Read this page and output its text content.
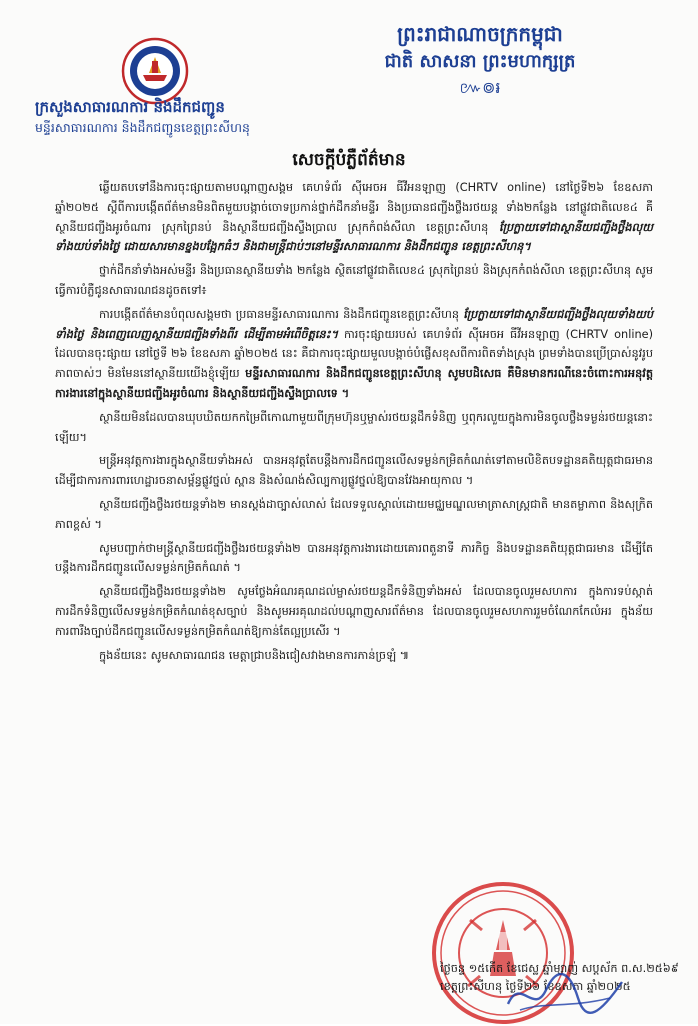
ព្រះរាជាណាចក្រកម្ពុជា
ជាតិ សាសនា ព្រះមហាក្សត្រ
៚៙៛
ក្រសួងសាធារណការ និងដឹកជញ្ជូន
មន្ទីរសាធារណការ និងដឹកជញ្ជូនខេត្តព្រះសីហនុ
សេចក្តីបំភ្លឺព័ត៌មាន

ឆ្លើយតបទៅនឹងការចុះផ្សាយតាមបណ្តាញសង្គម គេហទំព័រ ស៊ីអេចអ ធីវីអនឡាញ (CHRTV online) នៅថ្ងៃទី២៦ ខែឧសភា ឆ្នាំ២០២៥ ស្តីពីការបង្កើតព័ត៌មានមិនពិតមួយបង្កាច់ចោទប្រកាន់ថ្នាក់ដឹកនាំមន្ទីរ និងប្រធានជញ្ជីងថ្លឹងរថយន្ត ទាំង២កន្លែង នៅផ្លូវជាតិលេខ៤ គឺស្ថានីយជញ្ជីងអូរចំណារ ស្រុកព្រៃនប់ និងស្ថានីយជញ្ជីងស្ទឹងប្រាល ស្រុកកំពង់សីលា ខេត្តព្រះសីហនុ ប្រែក្លាយទៅជាស្ថានីយជញ្ជីងថ្លឹងលុយទាំងយប់ទាំងថ្ងៃ ដោយសារមានខ្នងបង្អែកធំៗ និងជាមន្ត្រីជាប់ៗនៅមន្ទីរសាធារណការ និងដឹកជញ្ជូន ខេត្តព្រះសីហនុ។

ថ្នាក់ដឹកនាំទាំងអស់មន្ទីរ និងប្រធានស្ថានីយទាំង ២កន្លែង ស្ថិតនៅផ្លូវជាតិលេខ៤ ស្រុកព្រៃនប់ និងស្រុកកំពង់សីលា ខេត្តព្រះសីហនុ សូមធ្វើការបំភ្លឺជូនសាធារណជនដូចតទៅ៖

ការបង្កើតព័ត៌មានបំពុលសង្គមថា ប្រធានមន្ទីរសាធារណការ និងដឹកជញ្ជូនខេត្តព្រះសីហនុ ប្រែក្លាយទៅជាស្ថានីយជញ្ជីងថ្លឹងលុយទាំងយប់ទាំងថ្ងៃ និងពេញលេញស្ថានីយជញ្ជីងទាំងពីរ ដើម្បីតាមអំពើចិត្តនេះ។ ការចុះផ្សាយរបស់ គេហទំព័រ ស៊ីអេចអ ធីវីអនឡាញ (CHRTV online) ដែលបានចុះផ្សាយ នៅថ្ងៃទី ២៦ ខែឧសភា ឆ្នាំ២០២៥ នេះ គឺជាការចុះផ្សាយមួលបង្កាច់បំផ្លើសខុសពីការពិតទាំងស្រុង ព្រមទាំងបានប្រើប្រាស់នូវរូបភាពចាស់ៗ មិនមែននៅស្ថានីយយើងខ្ញុំឡើយ មន្ទីរសាធារណការ និងដឹកជញ្ជូនខេត្តព្រះសីហនុ សូមបដិសេធ គឺមិនមានករណីនេះចំពោះការអនុវត្តការងារនៅក្នុងស្ថានីយជញ្ជីងអូរចំណារ និងស្ថានីយជញ្ជីងស្ទឹងប្រាលទេ ។

ស្ថានីយមិនដែលបានឃុបឃិតយកកម្រៃពីកោណាមួយពីក្រុមហ៊ុនឬម្ចាស់រថយន្តដឹកទំនិញ ឬពុករលួយក្នុងការមិនចូលថ្លឹងទម្ងន់រថយន្តនោះឡើយ។

មន្ត្រីអនុវត្តការងារក្នុងស្ថានីយទាំងអស់ បានអនុវត្តតែបន្តឹងការដឹកជញ្ជូនលើសទម្ងន់កម្រិតកំណត់ទៅតាមលិខិតបទដ្ឋានគតិយុត្តជាធរមាន ដើម្បីជាការការពារហេដ្ឋារចនាសម្ព័ន្ធផ្លូវថ្នល់ ស្ពាន និងសំណង់សិល្បការ្យផ្លូវថ្នល់ឱ្យបានវែងអាយុកាល ។

ស្ថានីយជញ្ជីងថ្លឹងរថយន្តទាំង២ មានស្តង់ដាច្បាស់លាស់ ដែលទទួលស្គាល់ដោយមជ្ឈមណ្ឌលមាត្រាសាស្ត្រជាតិ មានតម្លាភាព និងសុក្រិតភាពខ្ពស់ ។

សូមបញ្ជាក់ថាមន្ត្រីស្ថានីយជញ្ជីងថ្លឹងរថយន្តទាំង២ បានអនុវត្តការងារដោយគោរពតួនាទី ភារកិច្ច និងបទដ្ឋានគតិយុត្តជាធរមាន ដើម្បីតែបន្តឹងការដឹកជញ្ជូនលើសទម្ងន់កម្រិតកំណត់ ។

ស្ថានីយជញ្ជីងថ្លឹងរថយន្តទាំង២ សូមថ្លែងអំណរគុណដល់ម្ចាស់រថយន្តដឹកទំនិញទាំងអស់ ដែលបានចូលរួមសហការ ក្នុងការទប់ស្កាត់ការដឹកទំនិញលើសទម្ងន់កម្រិតកំណត់ខុសច្បាប់ និងសូមអរគុណដល់បណ្តាញសារព័ត៌មាន ដែលបានចូលរួមសហការរួមចំណែកកែលំអរ ក្នុងន័យការពារឹងច្បាប់ដឹកជញ្ជូនលើសទម្ងន់កម្រិតកំណត់ឱ្យកាន់តែល្អប្រសើរ ។

ក្នុងន័យនេះ សូមសាធារណជន មេត្តាជ្រាបនិងជៀសវាងមានការភាន់ច្រឡំ ៕

ថ្ងៃចន្ទ ១៥កើត ខែជេស្ឋ ឆ្នាំម្សាញ់ សប្តស័ក ព.ស.២៥៦៩
ខេត្តព្រះសីហនុ ថ្ងៃទី២៦ ខែឧសភា ឆ្នាំ២០២៥
